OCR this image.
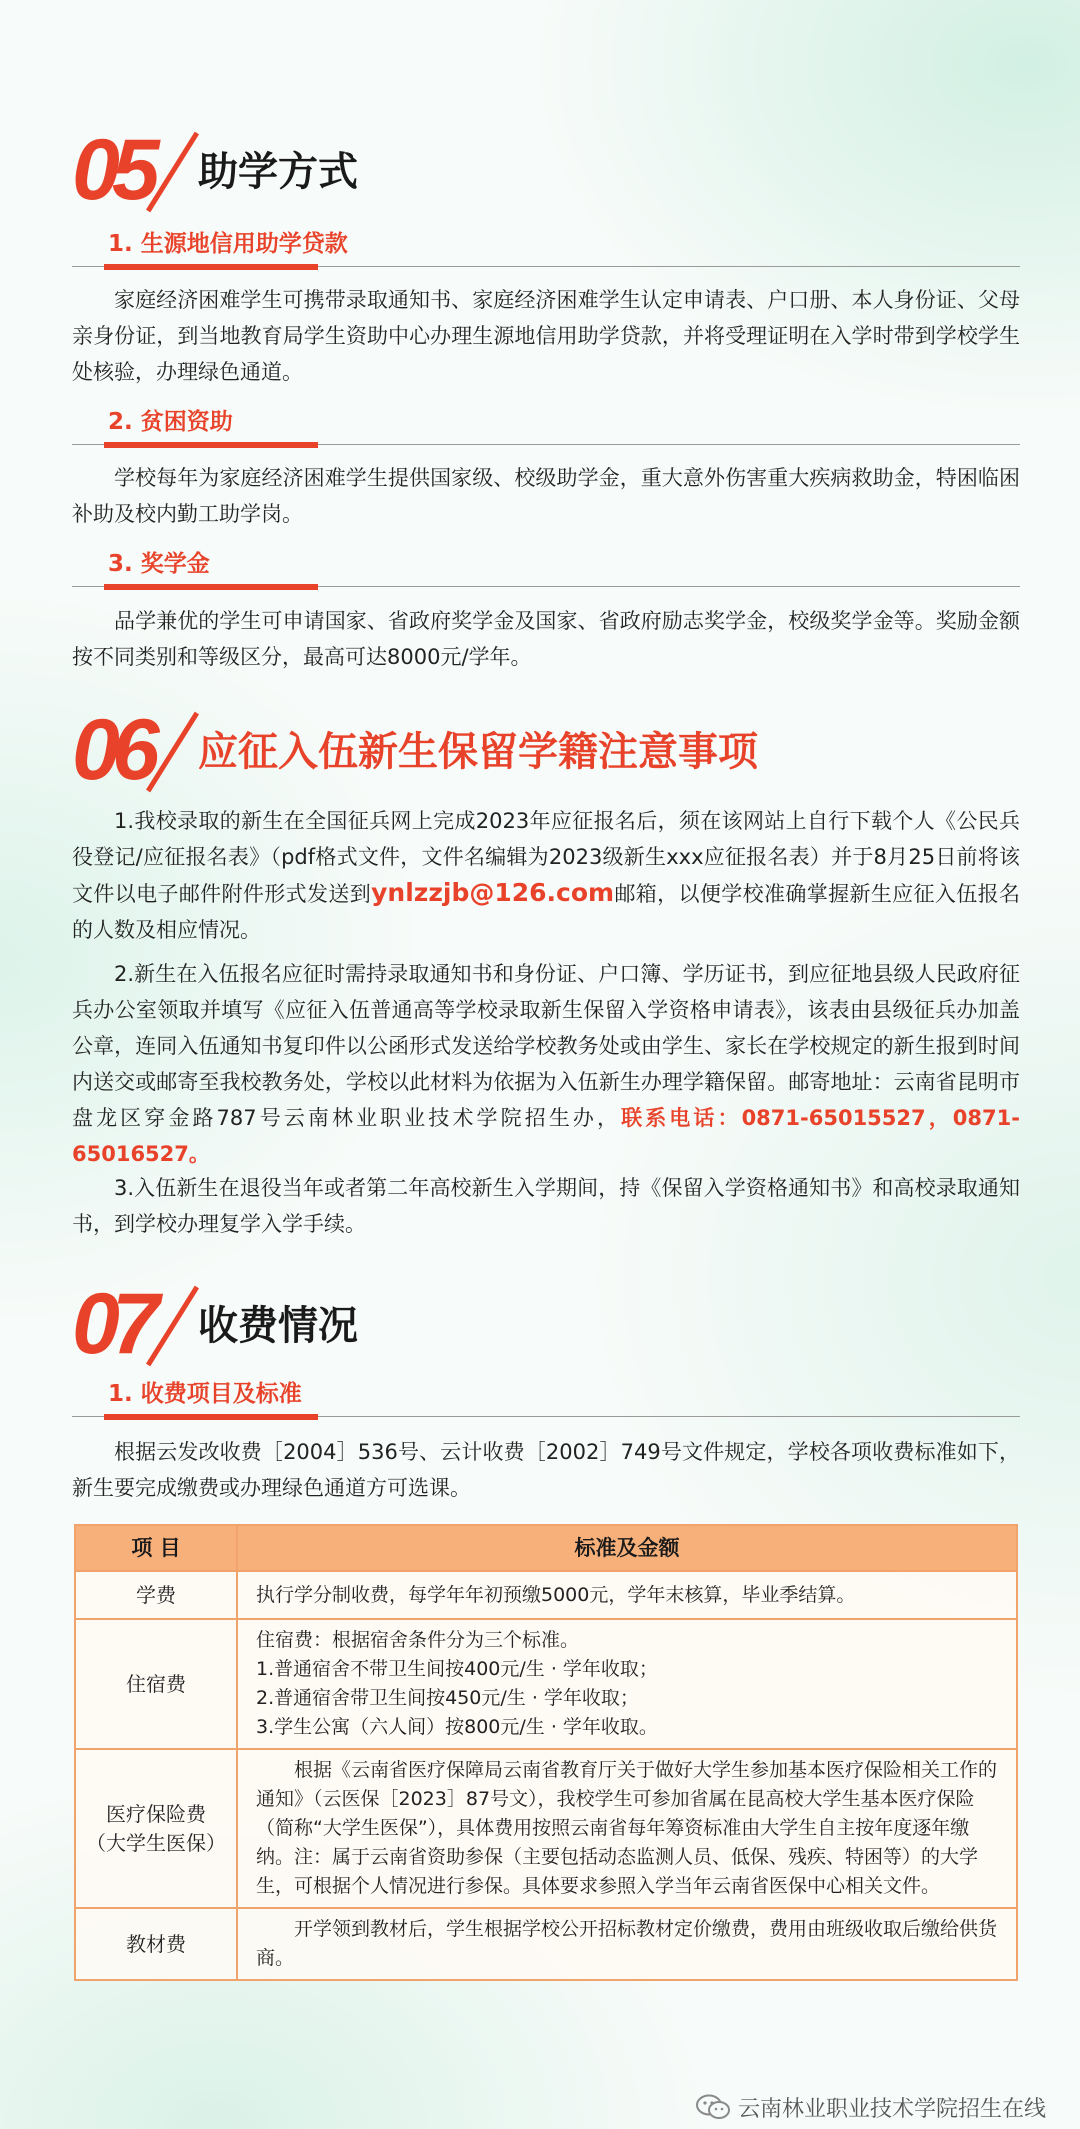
05 助学方式
1. 生源地信用助学贷款

家庭经济困难学生可携带录取通知书、家庭经济困难学生认定申请表、户口册、本人身份证、父母亲身份证，到当地教育局学生资助中心办理生源地信用助学贷款，并将受理证明在入学时带到学校学生处核验，办理绿色通道。

2. 贫困资助

学校每年为家庭经济困难学生提供国家级、校级助学金，重大意外伤害重大疾病救助金，特困临困补助及校内勤工助学岗。

3. 奖学金

品学兼优的学生可申请国家、省政府奖学金及国家、省政府励志奖学金，校级奖学金等。奖励金额按不同类别和等级区分，最高可达8000元/学年。

06 应征入伍新生保留学籍注意事项

1.我校录取的新生在全国征兵网上完成2023年应征报名后，须在该网站上自行下载个人《公民兵役登记/应征报名表》（pdf格式文件，文件名编辑为2023级新生xxx应征报名表）并于8月25日前将该文件以电子邮件附件形式发送到ynlzzjb@126.com邮箱，以便学校准确掌握新生应征入伍报名的人数及相应情况。

2.新生在入伍报名应征时需持录取通知书和身份证、户口簿、学历证书，到应征地县级人民政府征兵办公室领取并填写《应征入伍普通高等学校录取新生保留入学资格申请表》，该表由县级征兵办加盖公章，连同入伍通知书复印件以公函形式发送给学校教务处或由学生、家长在学校规定的新生报到时间内送交或邮寄至我校教务处，学校以此材料为依据为入伍新生办理学籍保留。邮寄地址：云南省昆明市盘龙区穿金路787号云南林业职业技术学院招生办，联系电话：0871-65015527，0871-65016527。

3.入伍新生在退役当年或者第二年高校新生入学期间，持《保留入学资格通知书》和高校录取通知书，到学校办理复学入学手续。

07 收费情况
1. 收费项目及标准

根据云发改收费［2004］536号、云计收费［2002］749号文件规定，学校各项收费标准如下，新生要完成缴费或办理绿色通道方可选课。

项 目	标准及金额
学费	执行学分制收费，每学年年初预缴5000元，学年末核算，毕业季结算。

住宿费	住宿费：根据宿舍条件分为三个标准。
1.普通宿舍不带卫生间按400元/生 · 学年收取；
2.普通宿舍带卫生间按450元/生 · 学年收取；
3.学生公寓（六人间）按800元/生 · 学年收取。

医疗保险费
（大学生医保）	根据《云南省医疗保障局云南省教育厅关于做好大学生参加基本医疗保险相关工作的通知》（云医保［2023］87号文），我校学生可参加省属在昆高校大学生基本医疗保险（简称“大学生医保”），具体费用按照云南省每年筹资标准由大学生自主按年度逐年缴纳。注：属于云南省资助参保（主要包括动态监测人员、低保、残疾、特困等）的大学生，可根据个人情况进行参保。具体要求参照入学当年云南省医保中心相关文件。

教材费	开学领到教材后，学生根据学校公开招标教材定价缴费，费用由班级收取后缴给供货商。
云南林业职业技术学院招生在线
